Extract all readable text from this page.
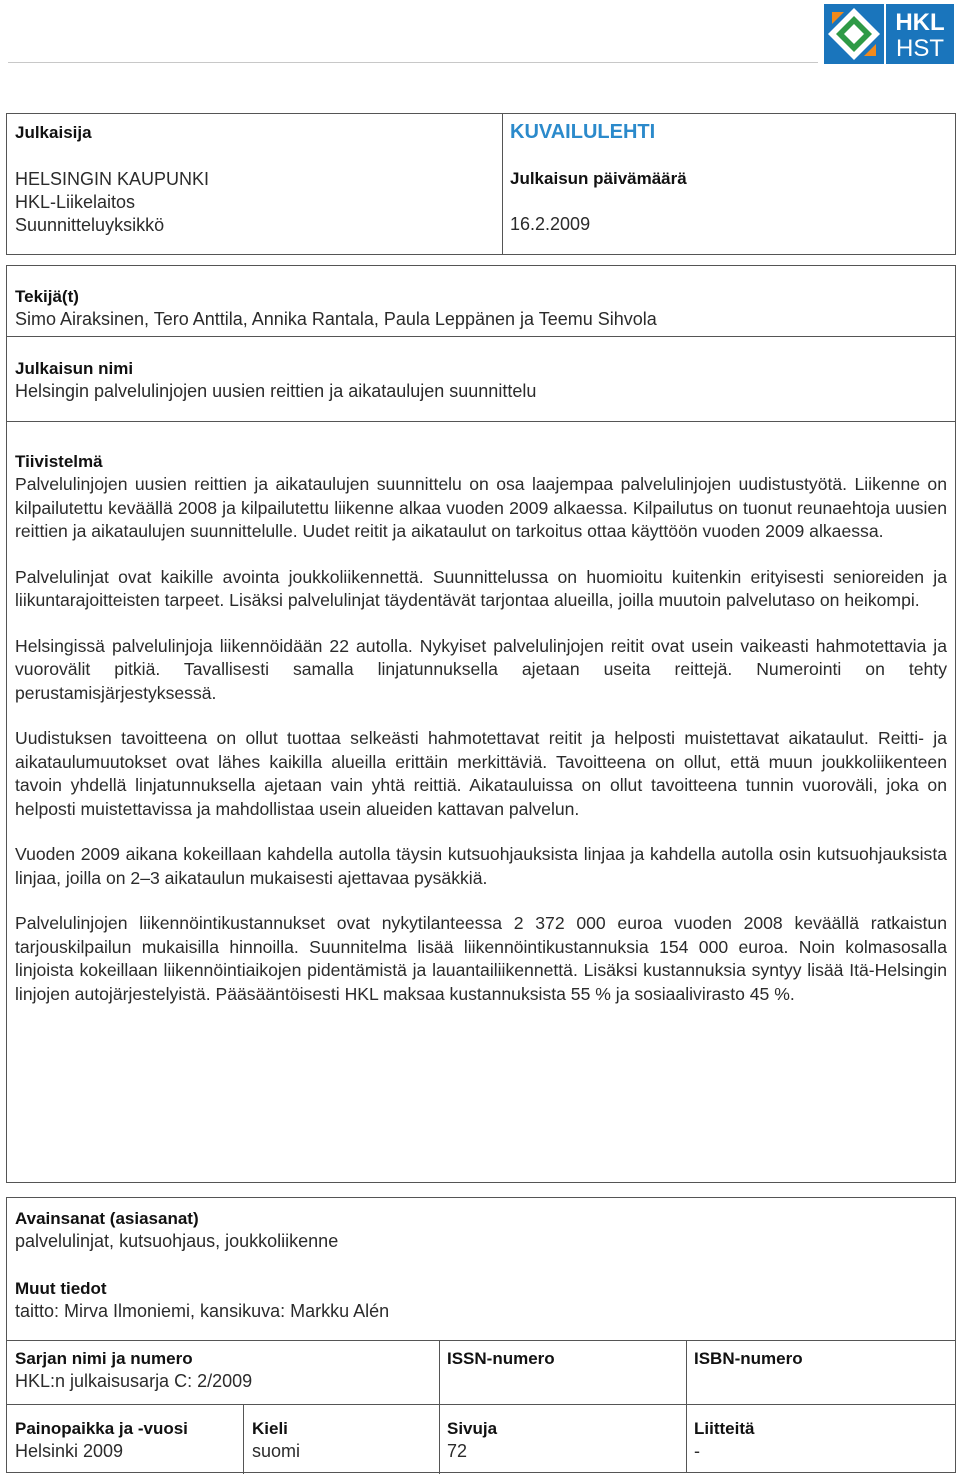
HKL
HST
Julkaisija
HELSINGIN KAUPUNKI
HKL-Liikelaitos
Suunnitteluyksikkö
KUVAILULEHTI
Julkaisun päivämäärä
16.2.2009
Tekijä(t)
Simo Airaksinen, Tero Anttila, Annika Rantala, Paula Leppänen ja Teemu Sihvola
Julkaisun nimi
Helsingin palvelulinjojen uusien reittien ja aikataulujen suunnittelu
Tiivistelmä

Palvelulinjojen uusien reittien ja aikataulujen suunnittelu on osa laajempaa palvelulinjojen uudistustyötä. Liikenne on kilpailutettu keväällä 2008 ja kilpailutettu liikenne alkaa vuoden 2009 alkaessa. Kilpailutus on tuonut reunaehtoja uusien reittien ja aikataulujen suunnittelulle. Uudet reitit ja aikataulut on tarkoitus ottaa käyttöön vuoden 2009 alkaessa.

Palvelulinjat ovat kaikille avointa joukkoliikennettä. Suunnittelussa on huomioitu kuitenkin erityisesti senioreiden ja liikuntarajoitteisten tarpeet. Lisäksi palvelulinjat täydentävät tarjontaa alueilla, joilla muutoin palvelutaso on heikompi.

Helsingissä palvelulinjoja liikennöidään 22 autolla. Nykyiset palvelulinjojen reitit ovat usein vaikeasti hahmotettavia ja vuorovälit pitkiä. Tavallisesti samalla linjatunnuksella ajetaan useita reittejä. Numerointi on tehty perustamisjärjestyksessä.

Uudistuksen tavoitteena on ollut tuottaa selkeästi hahmotettavat reitit ja helposti muistettavat aikataulut. Reitti- ja aikataulumuutokset ovat lähes kaikilla alueilla erittäin merkittäviä. Tavoitteena on ollut, että muun joukkoliikenteen tavoin yhdellä linjatunnuksella ajetaan vain yhtä reittiä. Aikatauluissa on ollut tavoitteena tunnin vuoroväli, joka on helposti muistettavissa ja mahdollistaa usein alueiden kattavan palvelun.

Vuoden 2009 aikana kokeillaan kahdella autolla täysin kutsuohjauksista linjaa ja kahdella autolla osin kutsuohjauksista linjaa, joilla on 2–3 aikataulun mukaisesti ajettavaa pysäkkiä.

Palvelulinjojen liikennöintikustannukset ovat nykytilanteessa 2 372 000 euroa vuoden 2008 keväällä ratkaistun tarjouskilpailun mukaisilla hinnoilla. Suunnitelma lisää liikennöintikustannuksia 154 000 euroa. Noin kolmasosalla linjoista kokeillaan liikennöintiaikojen pidentämistä ja lauantailiikennettä. Lisäksi kustannuksia syntyy lisää Itä-Helsingin linjojen autojärjestelyistä. Pääsääntöisesti HKL maksaa kustannuksista 55 % ja sosiaalivirasto 45 %.

Avainsanat (asiasanat)
palvelulinjat, kutsuohjaus, joukkoliikenne
Muut tiedot
taitto: Mirva Ilmoniemi, kansikuva: Markku Alén
Sarjan nimi ja numero
HKL:n julkaisusarja C: 2/2009
ISSN-numero	ISBN-numero
Painopaikka ja -vuosi
Helsinki 2009
Kieli
suomi
Sivuja
72
Liitteitä
-
